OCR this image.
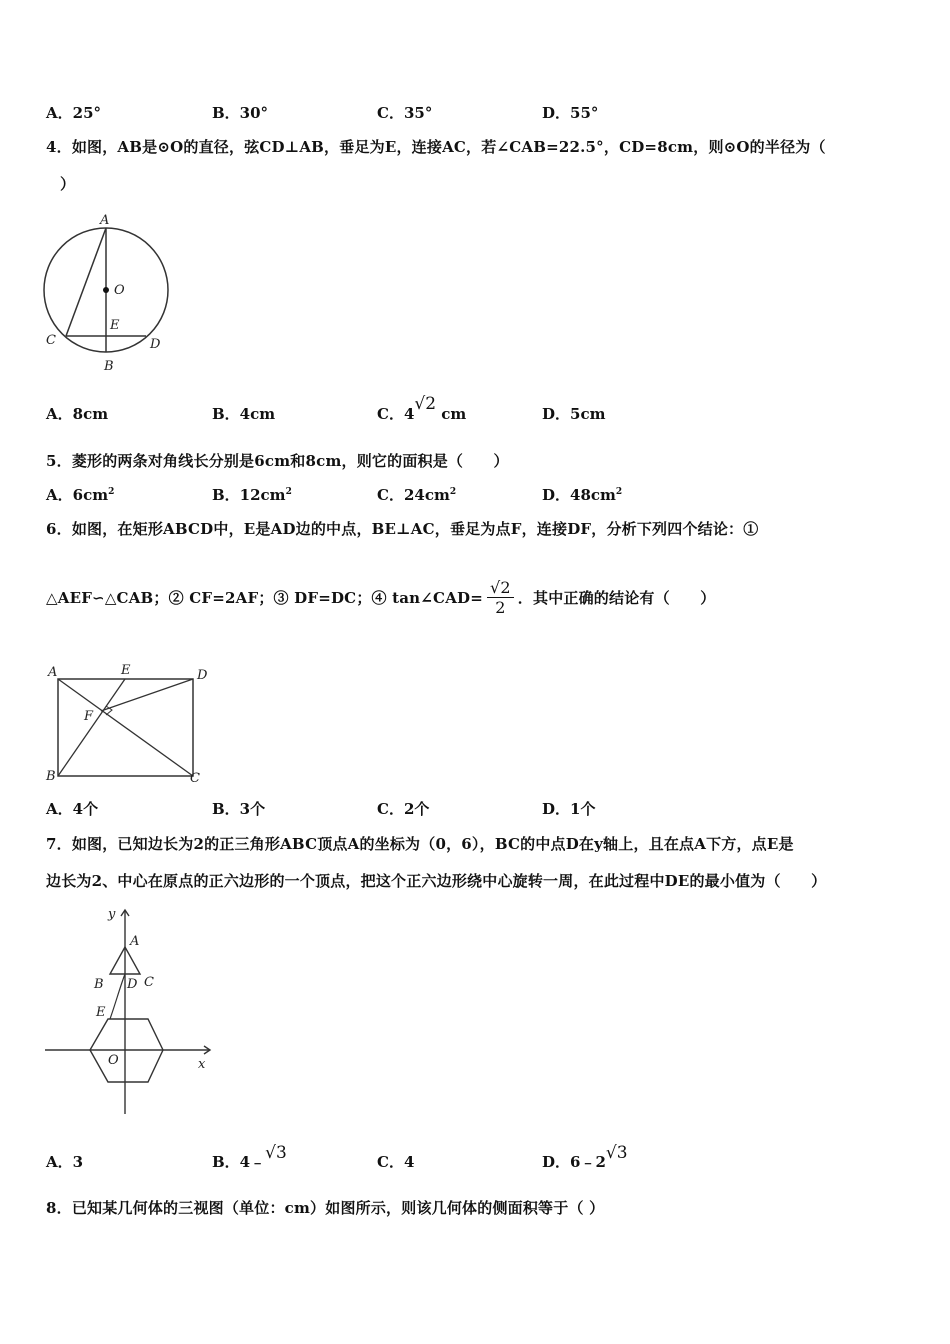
A．25°	B．30°	C．35°	D．55°
4．如图，AB是⊙O的直径，弦CD⊥AB，垂足为E，连接AC，若∠CAB=22.5°，CD=8cm，则⊙O的半径为（
）
A
O
E
C	D
B
A．8cm	B．4cm	C．4√2 cm	D．5cm
5．菱形的两条对角线长分别是6cm和8cm，则它的面积是（　　）
A．$6cm^2$	B．$12cm^2$	C．$24cm^2$	D．$48cm^2$
6．如图，在矩形ABCD中，E是AD边的中点，BE⊥AC，垂足为点F，连接DF，分析下列四个结论：①
△AEF∽△CAB；② CF=2AF；③ DF=DC；④ tan∠CAD= $\frac{√2}{2}$ ．其中正确的结论有（　　）
A	E	D
F
B	C
A．4个	B．3个	C．2个	D．1个
7．如图，已知边长为2的正三角形ABC顶点A的坐标为（0，6），BC的中点D在y轴上，且在点A下方，点E是
边长为2、中心在原点的正六边形的一个顶点，把这个正六边形绕中心旋转一周，在此过程中DE的最小值为（　　）
y
A
B D C
E
O	x
A．3	B．4﹣√3	C．4	D．6﹣2√3
8．已知某几何体的三视图（单位：cm）如图所示，则该几何体的侧面积等于（ ）
